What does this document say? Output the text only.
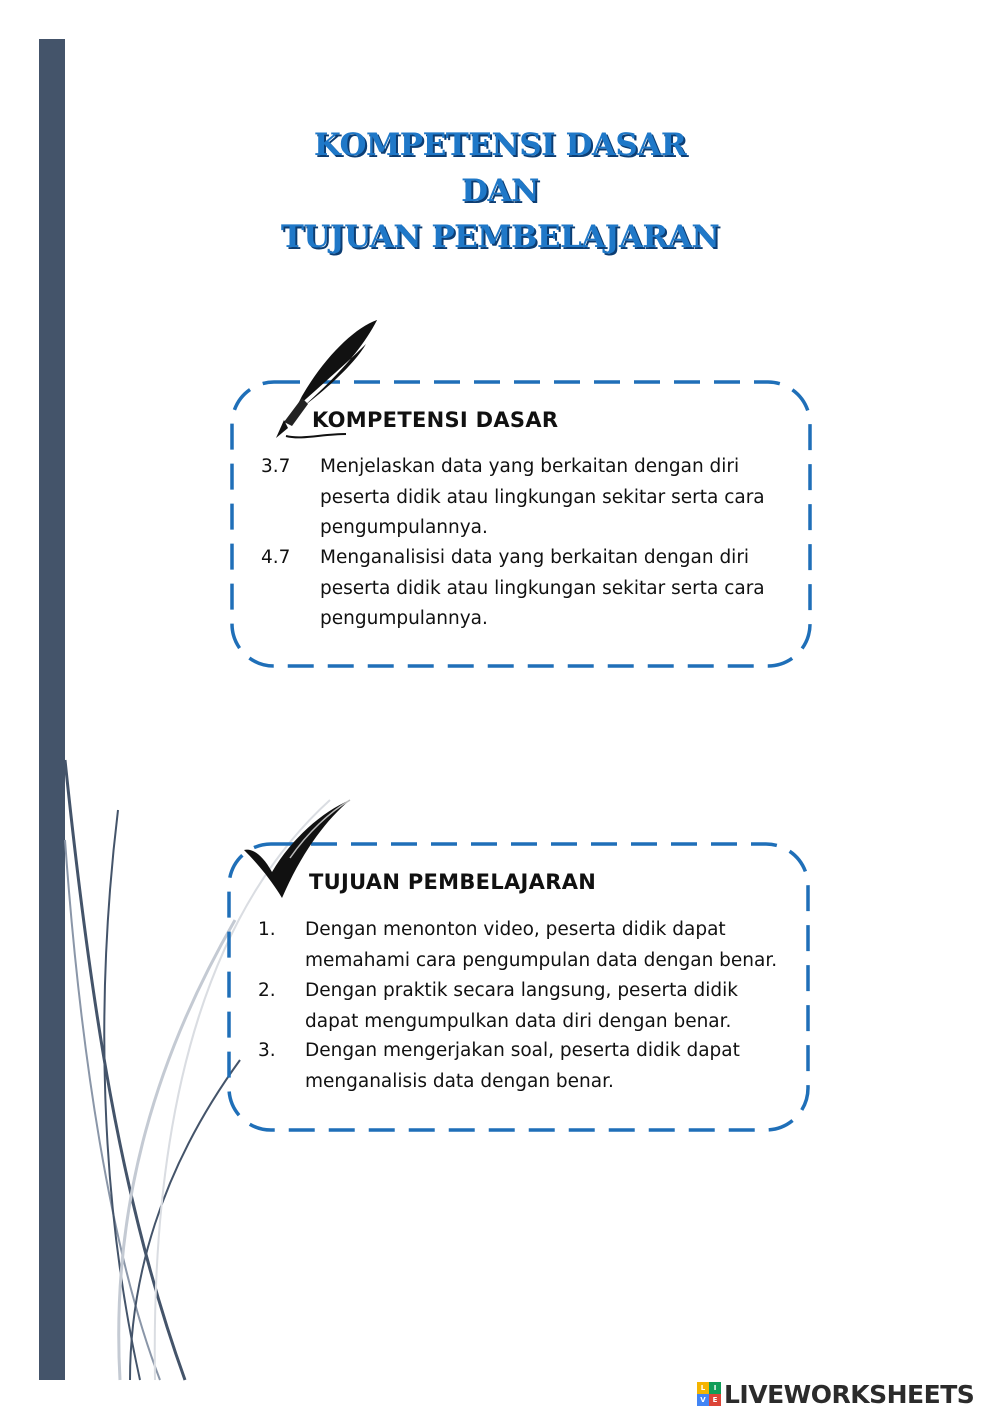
KOMPETENSI DASAR
DAN
TUJUAN PEMBELAJARAN
KOMPETENSI DASAR
3.7 Menjelaskan data yang berkaitan dengan diri peserta didik atau lingkungan sekitar serta cara pengumpulannya.
4.7 Menganalisisi data yang berkaitan dengan diri peserta didik atau lingkungan sekitar serta cara pengumpulannya.
TUJUAN PEMBELAJARAN
1. Dengan menonton video, peserta didik dapat memahami cara pengumpulan data dengan benar.
2. Dengan praktik secara langsung, peserta didik dapat mengumpulkan data diri dengan benar.
3. Dengan mengerjakan soal, peserta didik dapat menganalisis data dengan benar.
L	I
V E LIVEWORKSHEETS
